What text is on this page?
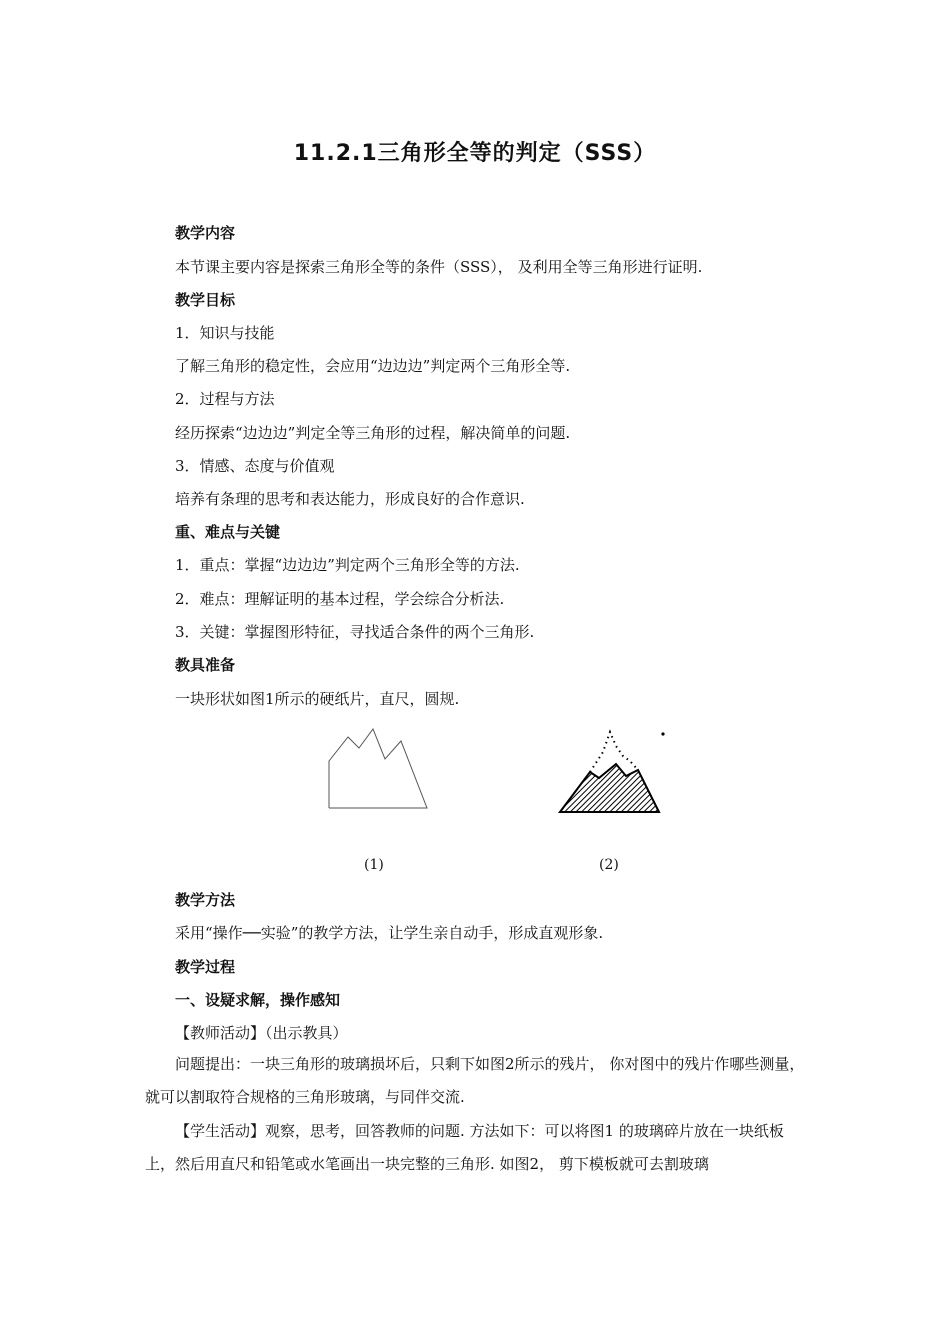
11.2.1三角形全等的判定（SSS）
教学内容
本节课主要内容是探索三角形全等的条件（SSS）， 及利用全等三角形进行证明.
教学目标
1．知识与技能
了解三角形的稳定性，会应用“边边边”判定两个三角形全等.
2．过程与方法
经历探索“边边边”判定全等三角形的过程，解决简单的问题.
3．情感、态度与价值观
培养有条理的思考和表达能力，形成良好的合作意识.
重、难点与关键
1．重点：掌握“边边边”判定两个三角形全等的方法.
2．难点：理解证明的基本过程，学会综合分析法.
3．关键：掌握图形特征，寻找适合条件的两个三角形.
教具准备
一块形状如图1所示的硬纸片，直尺，圆规.
(1)	(2)
教学方法
采用“操作──实验”的教学方法，让学生亲自动手，形成直观形象.
教学过程
一、设疑求解，操作感知
【教师活动】（出示教具）
问题提出：一块三角形的玻璃损坏后，只剩下如图2所示的残片， 你对图中的残片作哪些测量，就可以割取符合规格的三角形玻璃，与同伴交流.
【学生活动】观察，思考，回答教师的问题. 方法如下：可以将图1 的玻璃碎片放在一块纸板上，然后用直尺和铅笔或水笔画出一块完整的三角形. 如图2， 剪下模板就可去割玻璃
